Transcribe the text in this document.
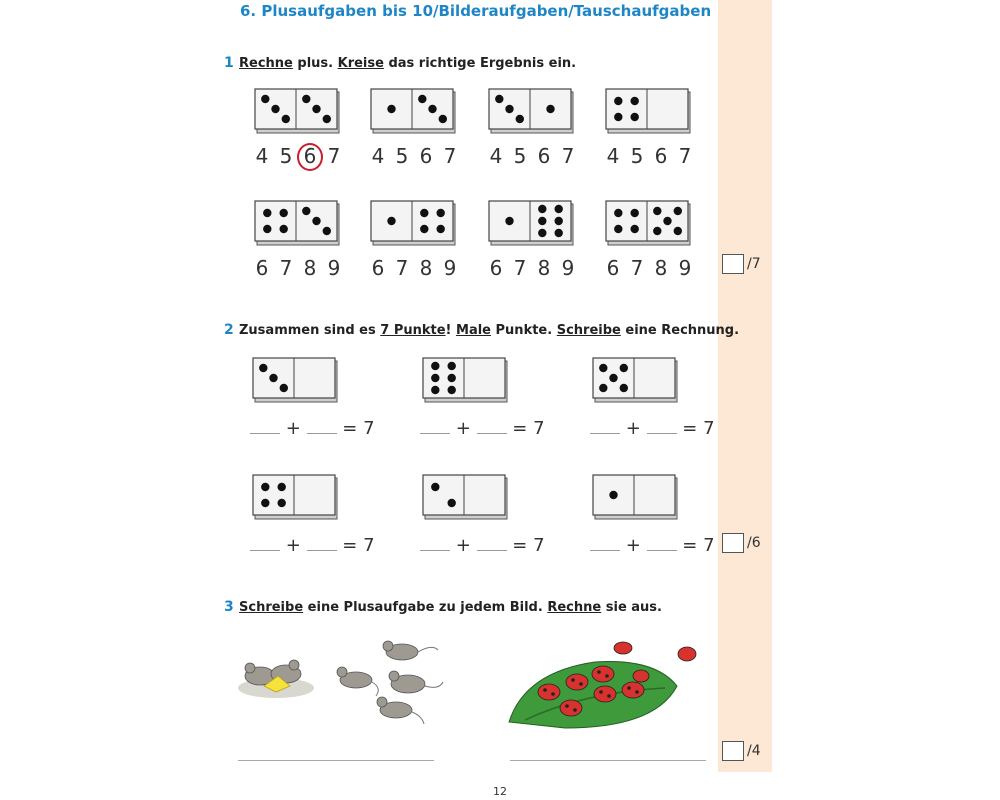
6. Plusaufgaben bis 10/Bilderaufgaben/Tauschaufgaben
1 Rechne plus. Kreise das richtige Ergebnis ein.
4 5 6 7 4 5 6 7 4 5 6 7 4 5 6 7
6 7 8 9 6 7 8 9 6 7 8 9 6 7 8 9	/7
2 Zusammen sind es 7 Punkte! Male Punkte. Schreibe eine Rechnung.
+ = 7	+ = 7	+ = 7
+ = 7	+ = 7	+ = 7 /6
3 Schreibe eine Plusaufgabe zu jedem Bild. Rechne sie aus.
/4
12
